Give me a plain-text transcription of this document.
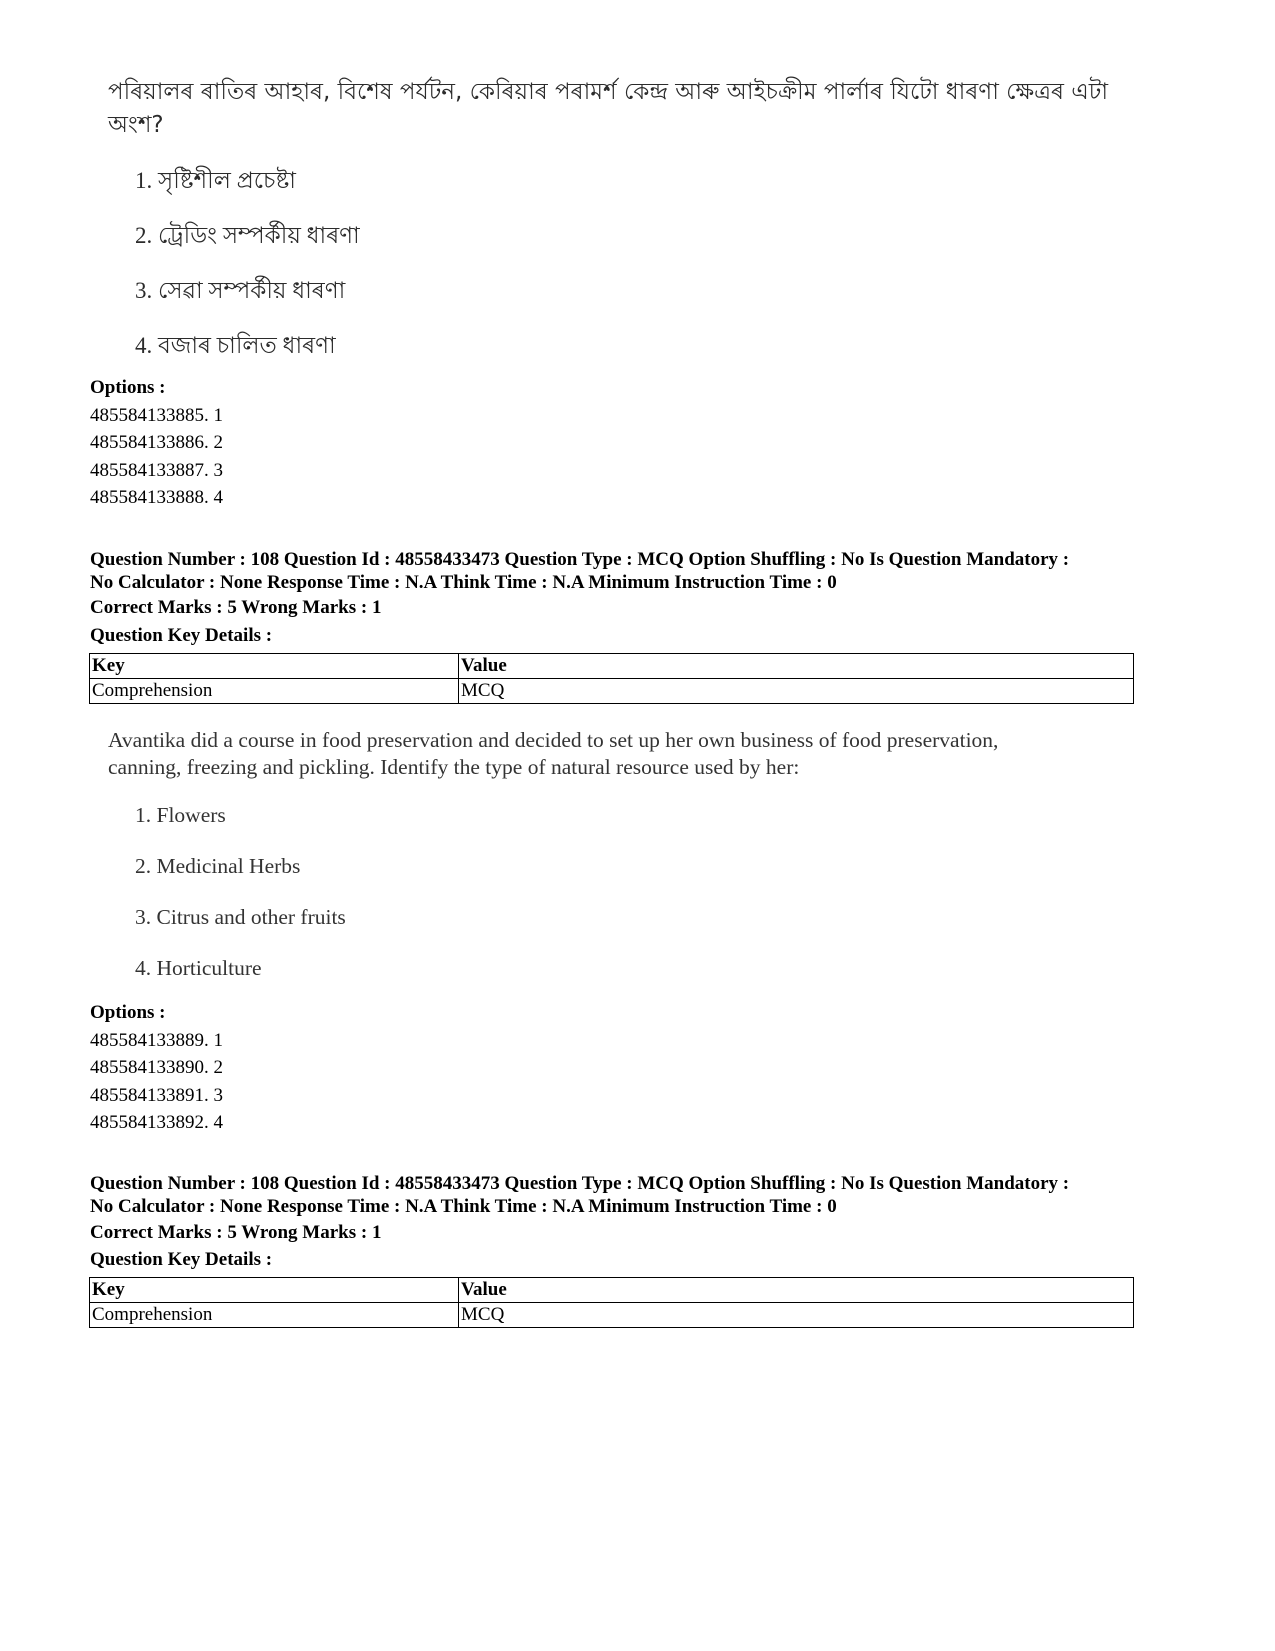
পৰিয়ালৰ ৰাতিৰ আহাৰ, বিশেষ পৰ্যটন, কেৰিয়াৰ পৰামৰ্শ কেন্দ্ৰ আৰু আইচক্ৰীম পাৰ্লাৰ যিটো ধাৰণা ক্ষেত্ৰৰ এটা অংশ?
1. সৃষ্টিশীল প্ৰচেষ্টা
2. ট্ৰেডিং সম্পৰ্কীয় ধাৰণা
3. সেৱা সম্পৰ্কীয় ধাৰণা
4. বজাৰ চালিত ধাৰণা
Options :
485584133885. 1
485584133886. 2
485584133887. 3
485584133888. 4
Question Number : 108 Question Id : 48558433473 Question Type : MCQ Option Shuffling : No Is Question Mandatory :
No Calculator : None Response Time : N.A Think Time : N.A Minimum Instruction Time : 0
Correct Marks : 5 Wrong Marks : 1
Question Key Details :
Key	Value
Comprehension	MCQ
Avantika did a course in food preservation and decided to set up her own business of food preservation,
canning, freezing and pickling. Identify the type of natural resource used by her:
1. Flowers
2. Medicinal Herbs
3. Citrus and other fruits
4. Horticulture
Options :
485584133889. 1
485584133890. 2
485584133891. 3
485584133892. 4
Question Number : 108 Question Id : 48558433473 Question Type : MCQ Option Shuffling : No Is Question Mandatory :
No Calculator : None Response Time : N.A Think Time : N.A Minimum Instruction Time : 0
Correct Marks : 5 Wrong Marks : 1
Question Key Details :
Key	Value
Comprehension	MCQ
